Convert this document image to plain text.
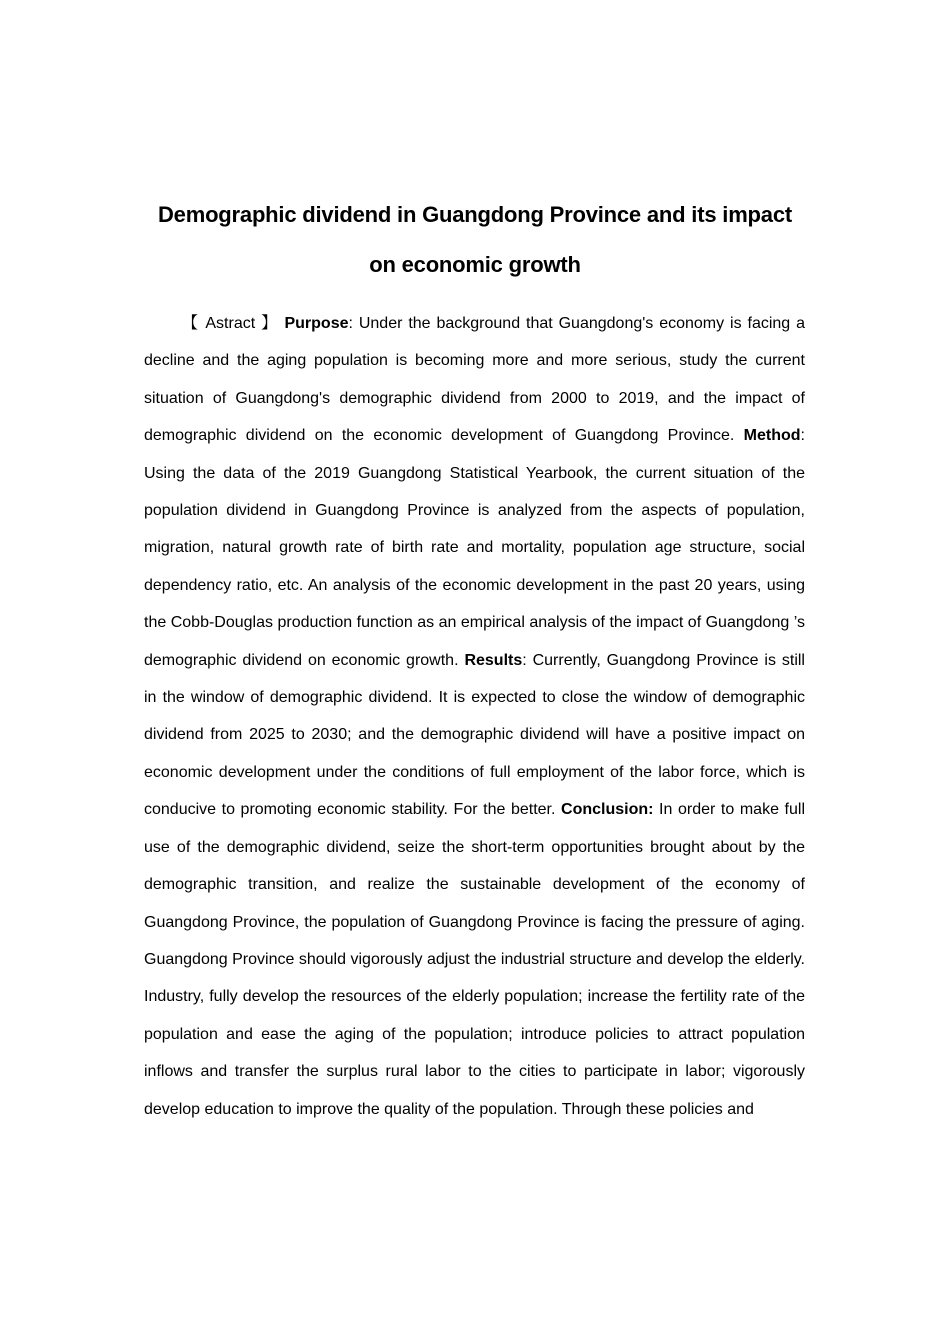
Demographic dividend in Guangdong Province and its impact

on economic growth

【 Astract 】 Purpose: Under the background that Guangdong's economy is facing a decline and the aging population is becoming more and more serious, study the current situation of Guangdong's demographic dividend from 2000 to 2019, and the impact of demographic dividend on the economic development of Guangdong Province. Method: Using the data of the 2019 Guangdong Statistical Yearbook, the current situation of the population dividend in Guangdong Province is analyzed from the aspects of population, migration, natural growth rate of birth rate and mortality, population age structure, social dependency ratio, etc. An analysis of the economic development in the past 20 years, using the Cobb-Douglas production function as an empirical analysis of the impact of Guangdong ’s demographic dividend on economic growth. Results: Currently, Guangdong Province is still in the window of demographic dividend. It is expected to close the window of demographic dividend from 2025 to 2030; and the demographic dividend will have a positive impact on economic development under the conditions of full employment of the labor force, which is conducive to promoting economic stability. For the better. Conclusion: In order to make full use of the demographic dividend, seize the short-term opportunities brought about by the demographic transition, and realize the sustainable development of the economy of Guangdong Province, the population of Guangdong Province is facing the pressure of aging. Guangdong Province should vigorously adjust the industrial structure and develop the elderly. Industry, fully develop the resources of the elderly population; increase the fertility rate of the population and ease the aging of the population; introduce policies to attract population inflows and transfer the surplus rural labor to the cities to participate in labor; vigorously develop education to improve the quality of the population. Through these policies and
